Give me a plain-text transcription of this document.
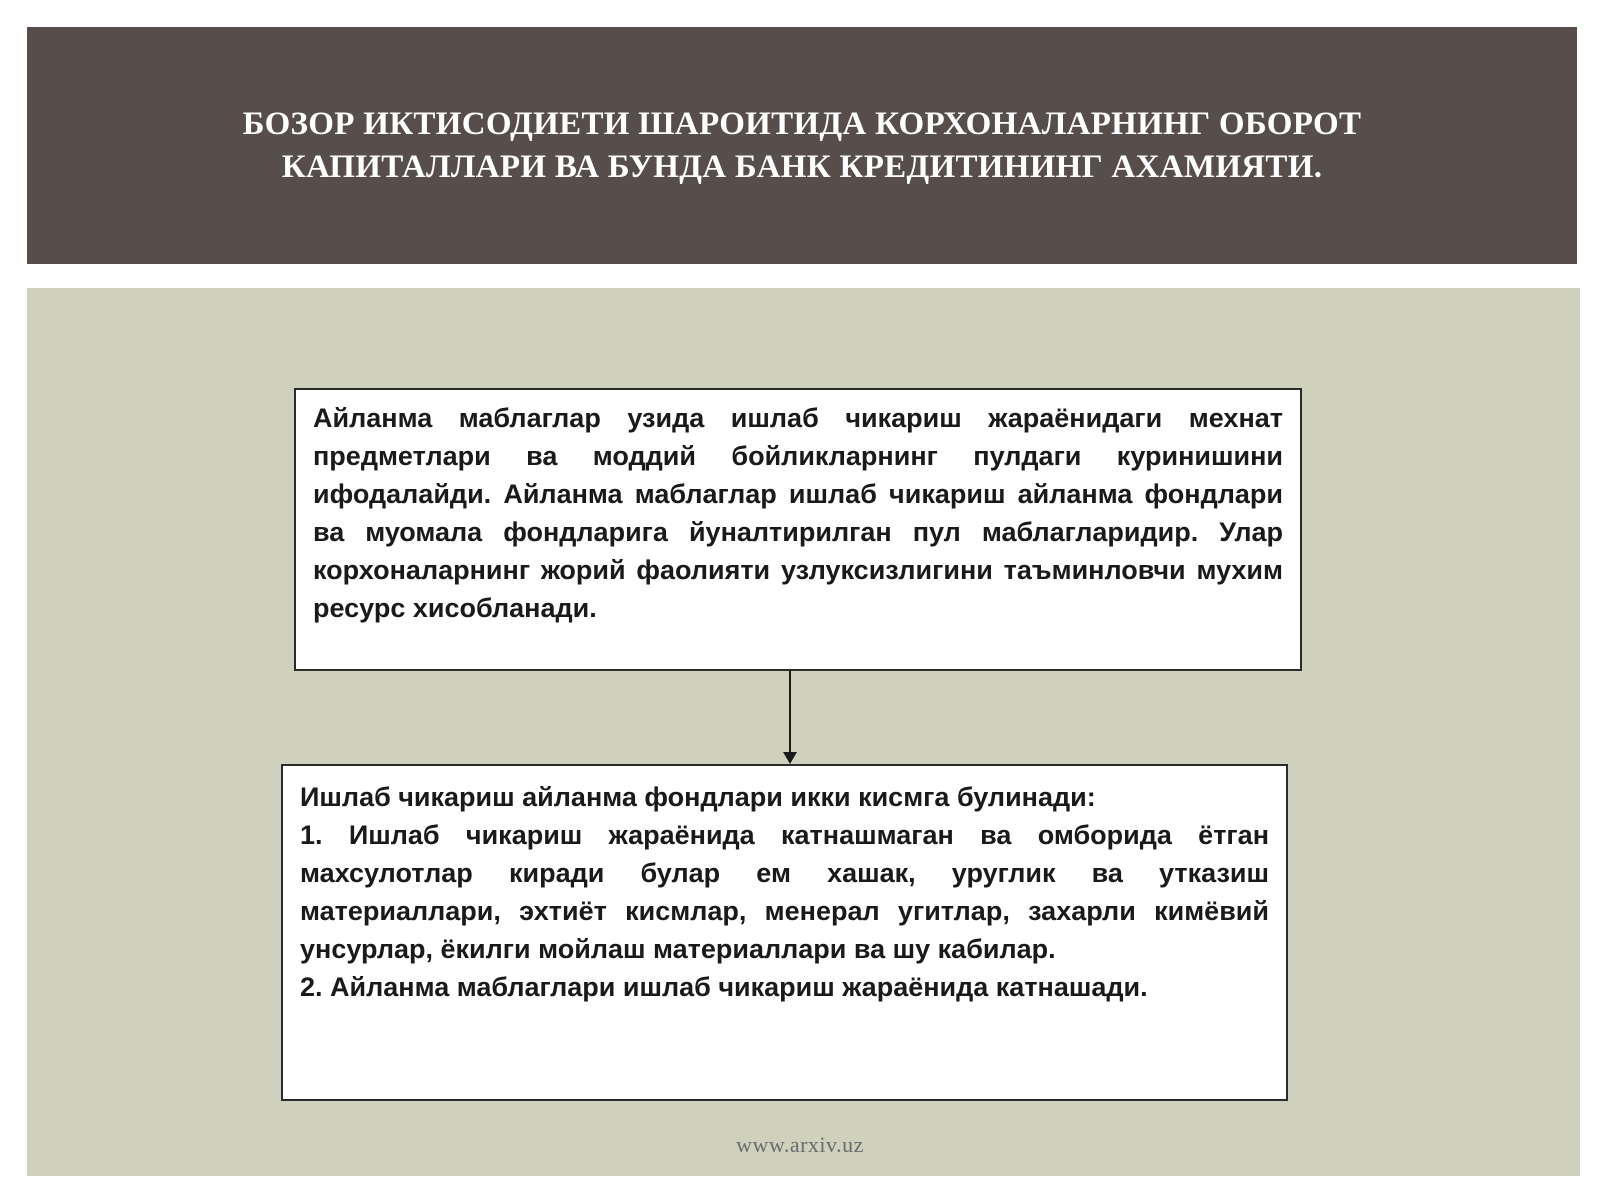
БОЗОР ИКТИСОДИЕТИ ШАРОИТИДА КОРХОНАЛАРНИНГ ОБОРОТ
КАПИТАЛЛАРИ ВА БУНДА БАНК КРЕДИТИНИНГ АХАМИЯТИ.

Айланма маблаглар узида ишлаб чикариш жараёнидаги мехнат предметлари ва моддий бойликларнинг пулдаги куринишини ифодалайди. Айланма маблаглар ишлаб чикариш айланма фондлари ва муомала фондларига йуналтирилган пул маблагларидир. Улар корхоналарнинг жорий фаолияти узлуксизлигини таъминловчи мухим ресурс хисобланади.

Ишлаб чикариш айланма фондлари икки кисмга булинади:

1. Ишлаб чикариш жараёнида катнашмаган ва омборида ётган махсулотлар киради булар ем хашак, уруглик ва утказиш материаллари, эхтиёт кисмлар, менерал угитлар, захарли кимёвий унсурлар, ёкилги мойлаш материаллари ва шу кабилар.

2. Айланма маблаглари ишлаб чикариш жараёнида катнашади.

www.arxiv.uz
